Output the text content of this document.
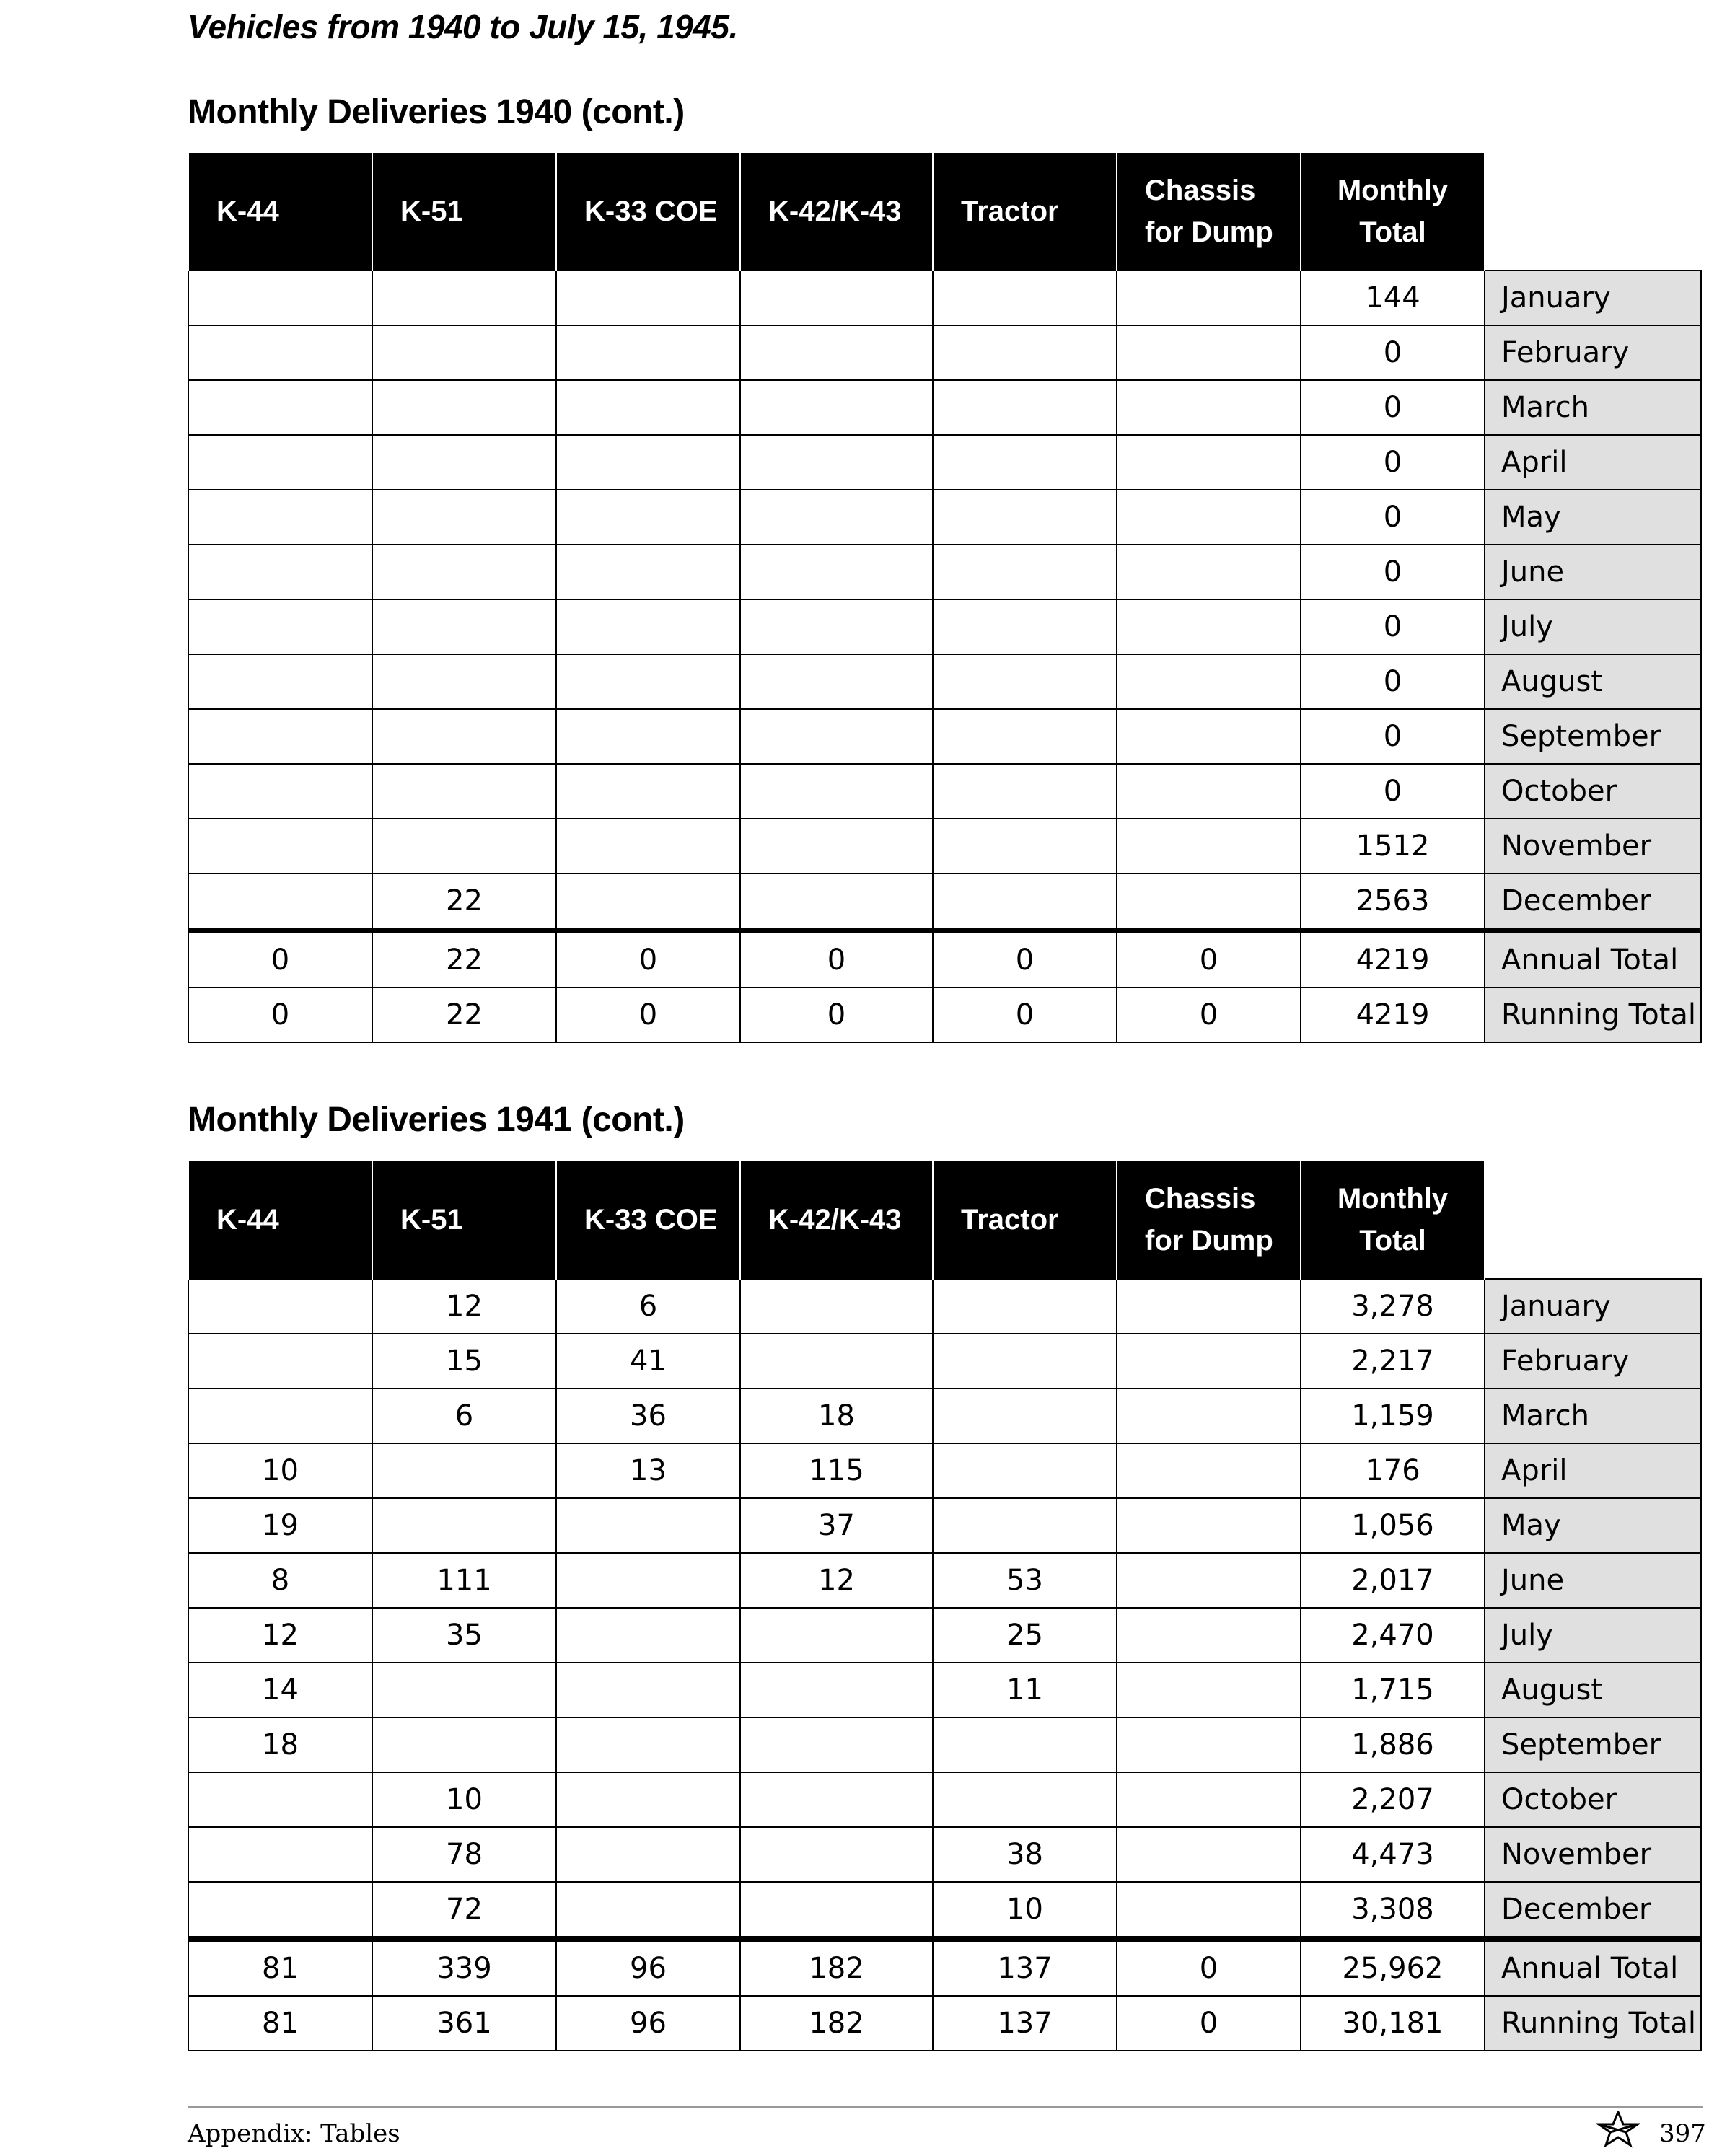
Vehicles from 1940 to July 15, 1945.
Monthly Deliveries 1940 (cont.)
K-44	K-51	K-33 COE	K-42/K-43	Tractor	Chassis for Dump	Monthly Total	
						144	January
						0	February
						0	March
						0	April
						0	May
						0	June
						0	July
						0	August
						0	September
						0	October
						1512	November
	22					2563	December
0	22	0	0	0	0	4219	Annual Total
0	22	0	0	0	0	4219	Running Total
Monthly Deliveries 1941 (cont.)
K-44	K-51	K-33 COE	K-42/K-43	Tractor	Chassis for Dump	Monthly Total	
	12	6				3,278	January
	15	41				2,217	February
	6	36	18			1,159	March
10		13	115			176	April
19			37			1,056	May
8	111		12	53		2,017	June
12	35			25		2,470	July
14				11		1,715	August
18						1,886	September
	10					2,207	October
	78			38		4,473	November
	72			10		3,308	December
81	339	96	182	137	0	25,962	Annual Total
81	361	96	182	137	0	30,181	Running Total
Appendix: Tables	397
